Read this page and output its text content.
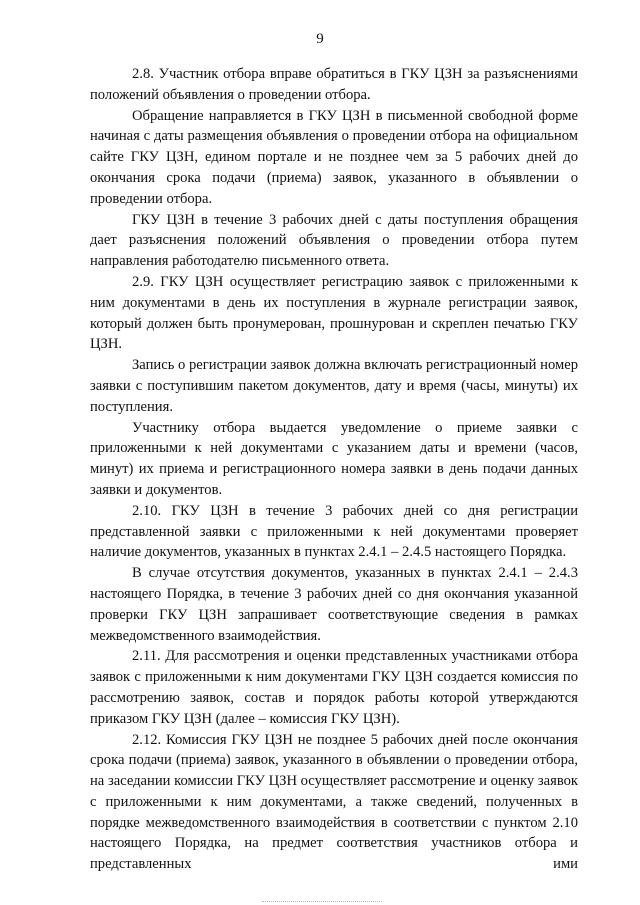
9

2.8. Участник отбора вправе обратиться в ГКУ ЦЗН за разъяснениями положений объявления о проведении отбора.

Обращение направляется в ГКУ ЦЗН в письменной свободной форме начиная с даты размещения объявления о проведении отбора на официальном сайте ГКУ ЦЗН, едином портале и не позднее чем за 5 рабочих дней до окончания срока подачи (приема) заявок, указанного в объявлении о проведении отбора.

ГКУ ЦЗН в течение 3 рабочих дней с даты поступления обращения дает разъяснения положений объявления о проведении отбора путем направления работодателю письменного ответа.

2.9. ГКУ ЦЗН осуществляет регистрацию заявок с приложенными к ним документами в день их поступления в журнале регистрации заявок, который должен быть пронумерован, прошнурован и скреплен печатью ГКУ ЦЗН.

Запись о регистрации заявок должна включать регистрационный номер заявки с поступившим пакетом документов, дату и время (часы, минуты) их поступления.

Участнику отбора выдается уведомление о приеме заявки с приложенными к ней документами с указанием даты и времени (часов, минут) их приема и регистрационного номера заявки в день подачи данных заявки и документов.

2.10. ГКУ ЦЗН в течение 3 рабочих дней со дня регистрации представленной заявки с приложенными к ней документами проверяет наличие документов, указанных в пунктах 2.4.1 – 2.4.5 настоящего Порядка.

В случае отсутствия документов, указанных в пунктах 2.4.1 – 2.4.3 настоящего Порядка, в течение 3 рабочих дней со дня окончания указанной проверки ГКУ ЦЗН запрашивает соответствующие сведения в рамках межведомственного взаимодействия.

2.11. Для рассмотрения и оценки представленных участниками отбора заявок с приложенными к ним документами ГКУ ЦЗН создается комиссия по рассмотрению заявок, состав и порядок работы которой утверждаются приказом ГКУ ЦЗН (далее – комиссия ГКУ ЦЗН).

2.12. Комиссия ГКУ ЦЗН не позднее 5 рабочих дней после окончания срока подачи (приема) заявок, указанного в объявлении о проведении отбора, на заседании комиссии ГКУ ЦЗН осуществляет рассмотрение и оценку заявок с приложенными к ним документами, а также сведений, полученных в порядке межведомственного взаимодействия в соответствии с пунктом 2.10 настоящего Порядка, на предмет соответствия участников отбора и представленных ими
